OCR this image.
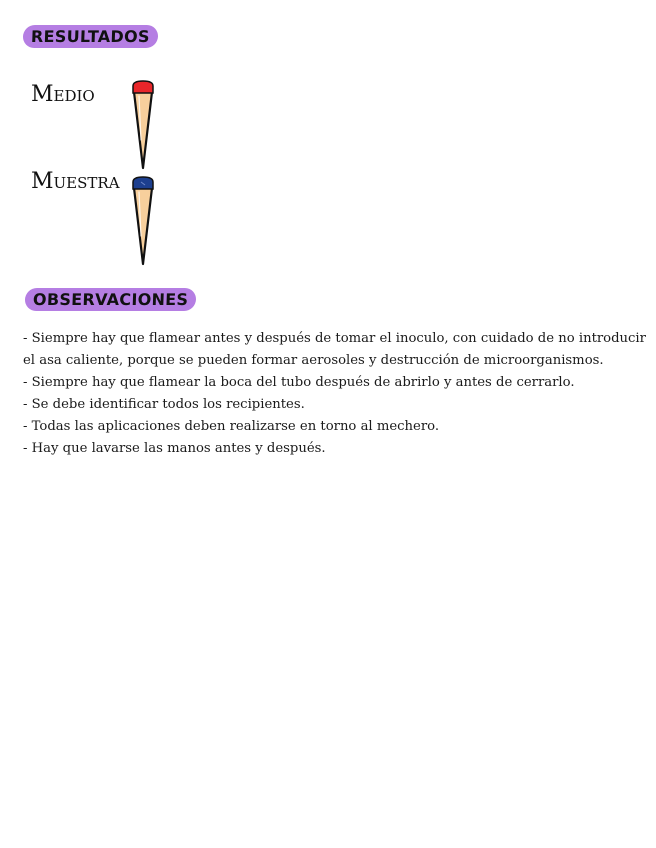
RESULTADOS
Medio
Muestra
OBSERVACIONES
- Siempre hay que flamear antes y después de tomar el inoculo, con cuidado de no introducir el asa caliente, porque se pueden formar aerosoles y destrucción de microorganismos.
- Siempre hay que flamear la boca del tubo después de abrirlo y antes de cerrarlo.
- Se debe identificar todos los recipientes.
- Todas las aplicaciones deben realizarse en torno al mechero.
- Hay que lavarse las manos antes y después.
